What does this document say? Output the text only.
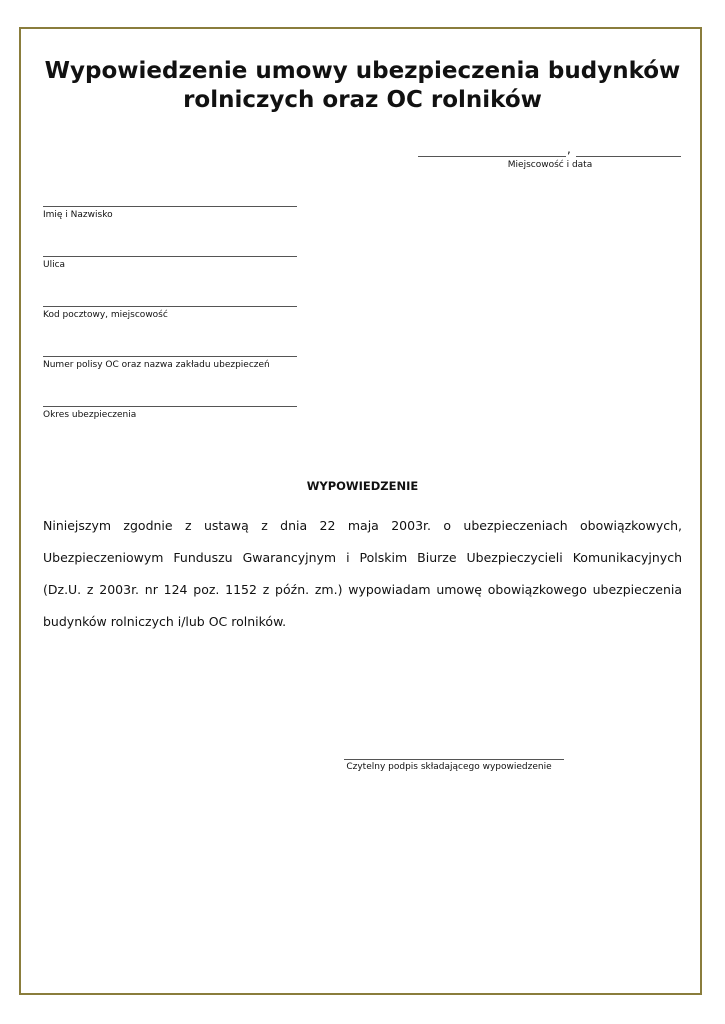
Wypowiedzenie umowy ubezpieczenia budynków
rolniczych oraz OC rolników
,
Miejscowość i data
Imię i Nazwisko
Ulica
Kod pocztowy, miejscowość
Numer polisy OC oraz nazwa zakładu ubezpieczeń
Okres ubezpieczenia
WYPOWIEDZENIE

Niniejszym zgodnie z ustawą z dnia 22 maja 2003r. o ubezpieczeniach obowiązkowych, Ubezpieczeniowym Funduszu Gwarancyjnym i Polskim Biurze Ubezpieczycieli Komunikacyjnych (Dz.U. z 2003r. nr 124 poz. 1152 z późn. zm.) wypowiadam umowę obowiązkowego ubezpieczenia budynków rolniczych i/lub OC rolników.

Czytelny podpis składającego wypowiedzenie
